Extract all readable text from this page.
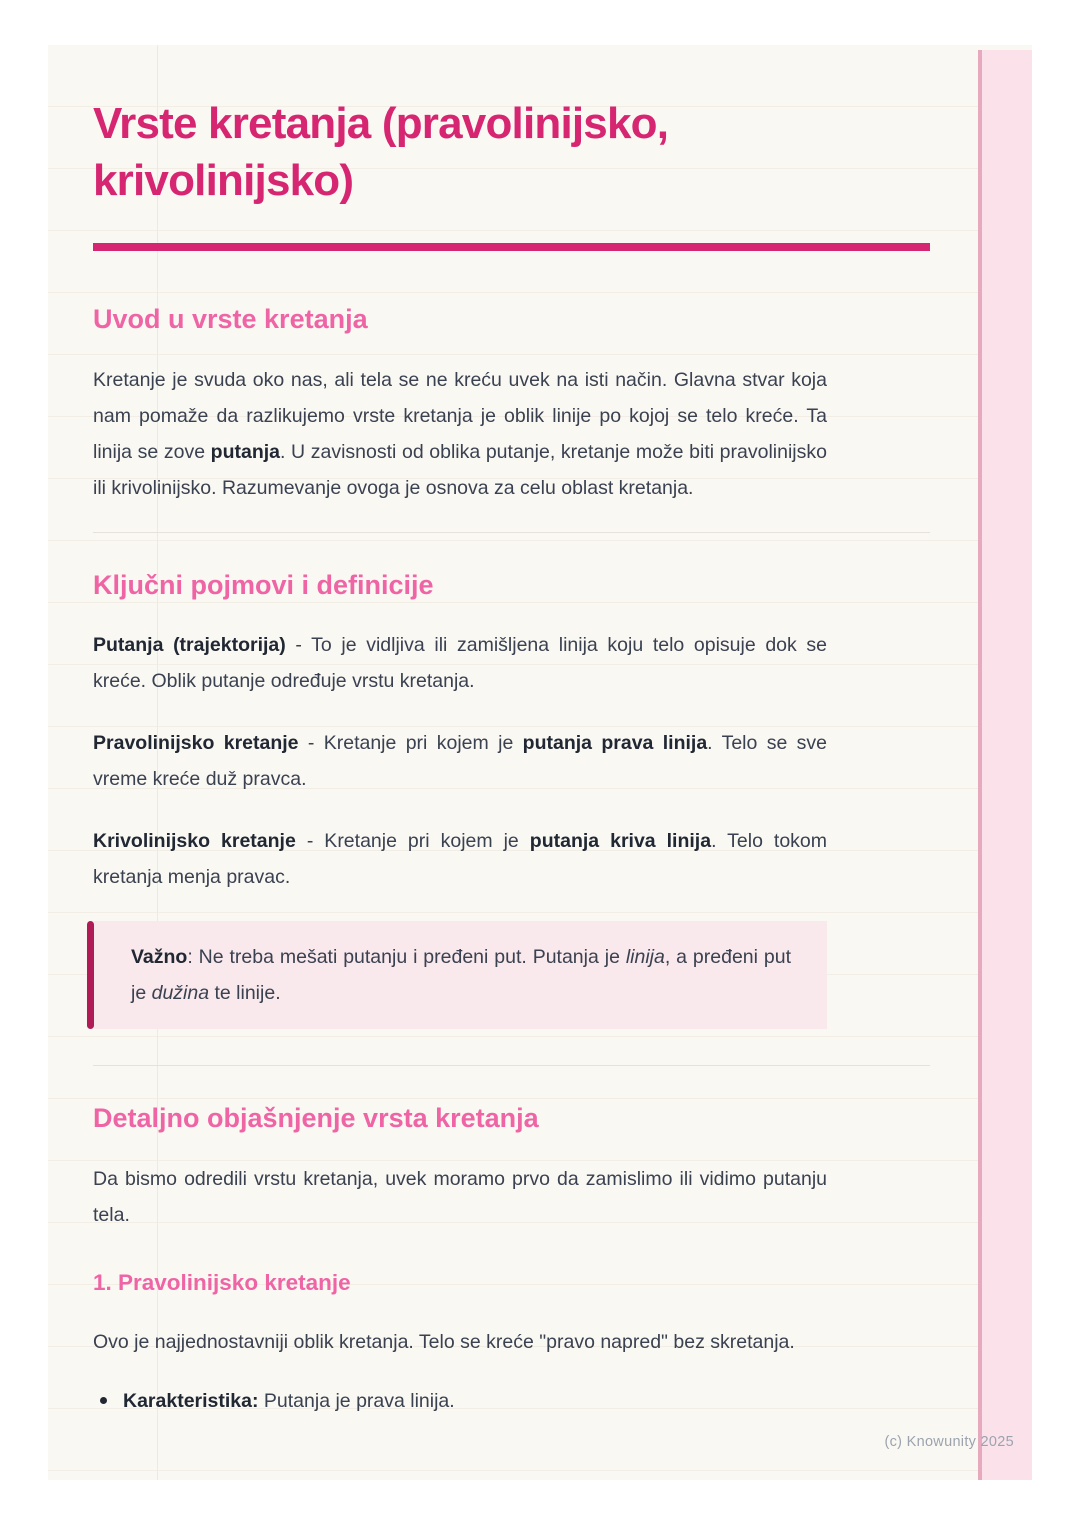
Vrste kretanja (pravolinijsko, krivolinijsko)
Uvod u vrste kretanja

Kretanje je svuda oko nas, ali tela se ne kreću uvek na isti način. Glavna stvar koja nam pomaže da razlikujemo vrste kretanja je oblik linije po kojoj se telo kreće. Ta linija se zove putanja. U zavisnosti od oblika putanje, kretanje može biti pravolinijsko ili krivolinijsko. Razumevanje ovoga je osnova za celu oblast kretanja.

Ključni pojmovi i definicije

Putanja (trajektorija) - To je vidljiva ili zamišljena linija koju telo opisuje dok se kreće. Oblik putanje određuje vrstu kretanja.

Pravolinijsko kretanje - Kretanje pri kojem je putanja prava linija. Telo se sve vreme kreće duž pravca.

Krivolinijsko kretanje - Kretanje pri kojem je putanja kriva linija. Telo tokom kretanja menja pravac.

Važno: Ne treba mešati putanju i pređeni put. Putanja je linija, a pređeni put je dužina te linije.

Detaljno objašnjenje vrsta kretanja

Da bismo odredili vrstu kretanja, uvek moramo prvo da zamislimo ili vidimo putanju tela.

1. Pravolinijsko kretanje

Ovo je najjednostavniji oblik kretanja. Telo se kreće "pravo napred" bez skretanja.

Karakteristika: Putanja je prava linija.
(c) Knowunity 2025
